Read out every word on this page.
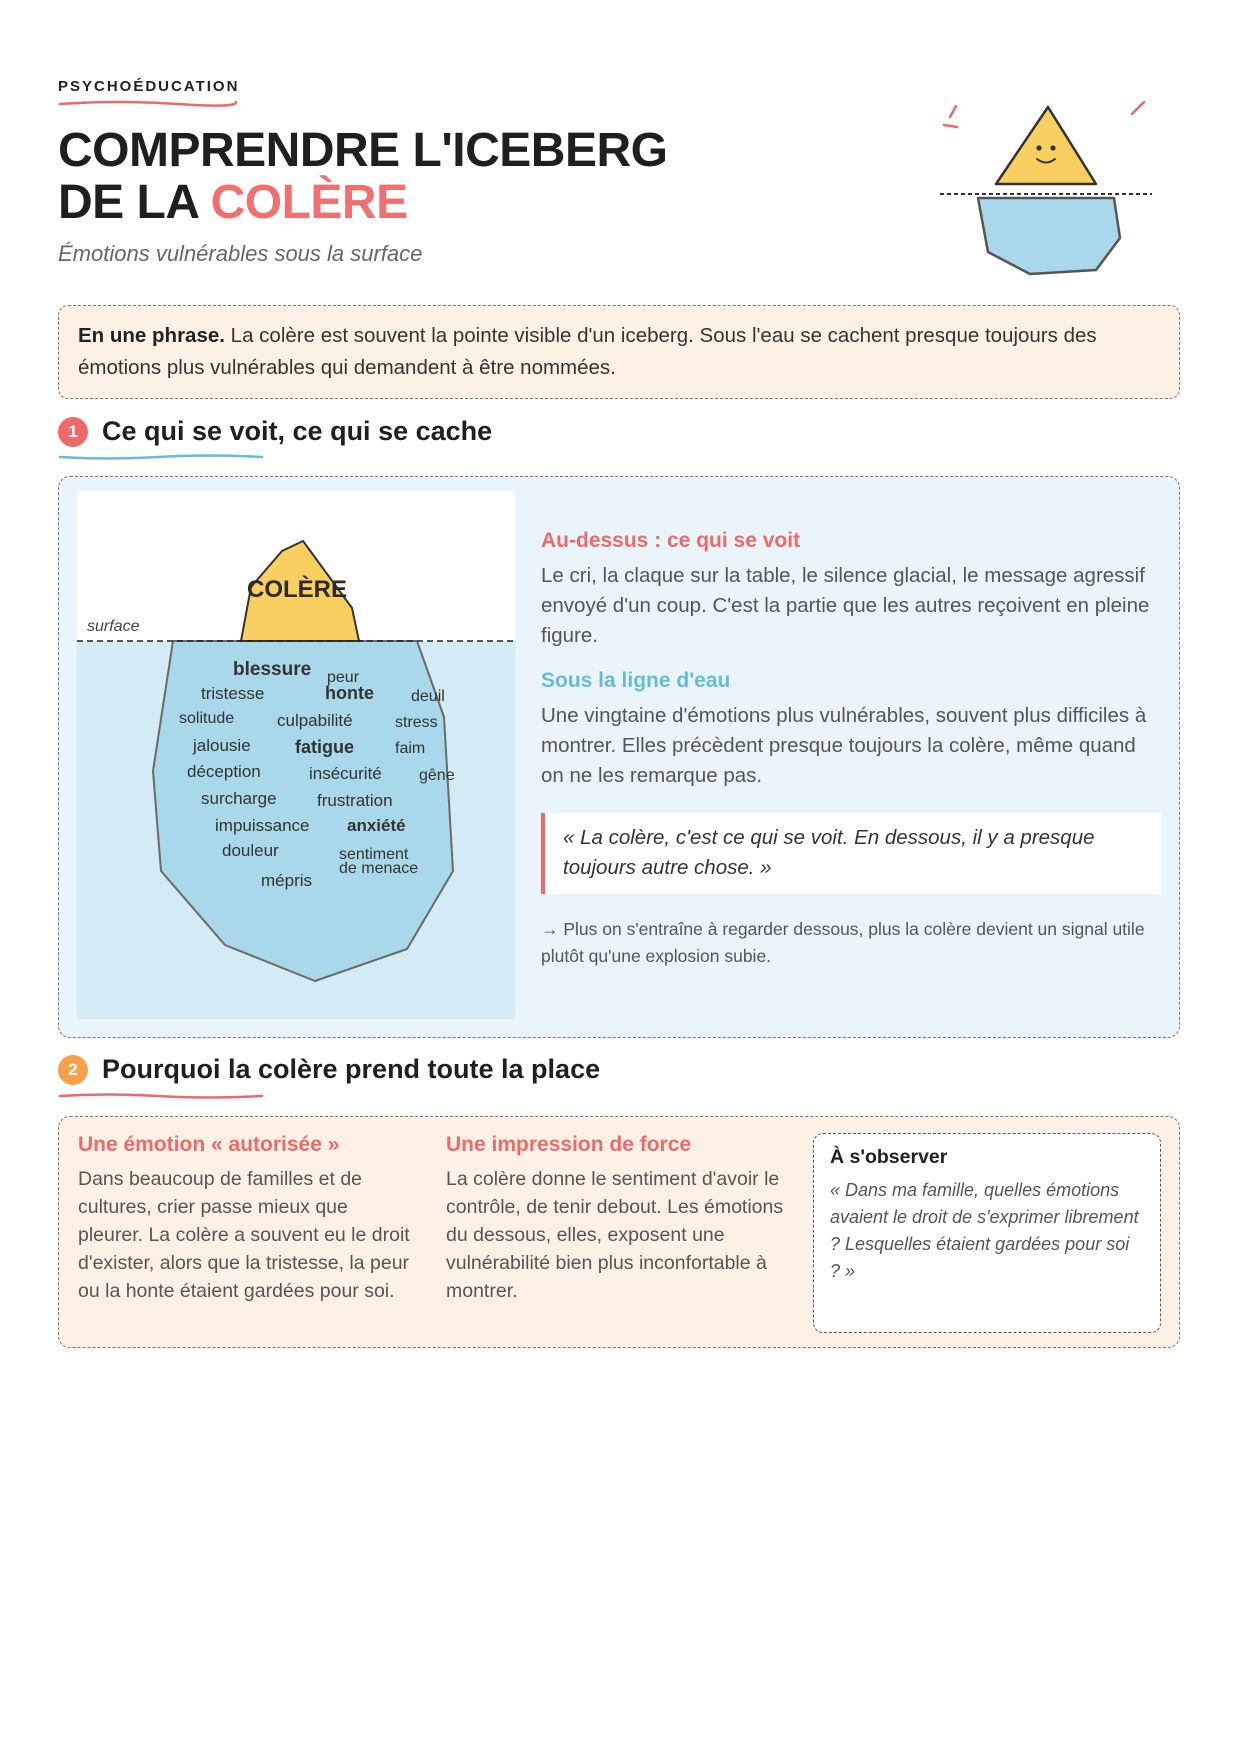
PSYCHOÉDUCATION
COMPRENDRE L'ICEBERG
DE LA COLÈRE
Émotions vulnérables sous la surface
En une phrase. La colère est souvent la pointe visible d'un iceberg. Sous l'eau se cachent presque toujours des émotions plus vulnérables qui demandent à être nommées.
1 Ce qui se voit, ce qui se cache
COLÈRE
surface
blessure peur
tristesse	honte deuil
solitude	culpabilité	stress
jalousie fatigue	faim
déception	insécurité gêne
surcharge frustration
impuissance anxiété
douleur	sentiment
de menace
mépris
Au-dessus : ce qui se voit
Le cri, la claque sur la table, le silence glacial, le message agressif envoyé d'un coup. C'est la partie que les autres reçoivent en pleine figure.
Sous la ligne d'eau
Une vingtaine d'émotions plus vulnérables, souvent plus difficiles à montrer. Elles précèdent presque toujours la colère, même quand on ne les remarque pas.
« La colère, c'est ce qui se voit. En dessous, il y a presque toujours autre chose. »
→ Plus on s'entraîne à regarder dessous, plus la colère devient un signal utile plutôt qu'une explosion subie.
2 Pourquoi la colère prend toute la place
Une émotion « autorisée »
Dans beaucoup de familles et de cultures, crier passe mieux que pleurer. La colère a souvent eu le droit d'exister, alors que la tristesse, la peur ou la honte étaient gardées pour soi.
Une impression de force
La colère donne le sentiment d'avoir le contrôle, de tenir debout. Les émotions du dessous, elles, exposent une vulnérabilité bien plus inconfortable à montrer.
À s'observer
« Dans ma famille, quelles émotions avaient le droit de s'exprimer librement ? Lesquelles étaient gardées pour soi ? »
